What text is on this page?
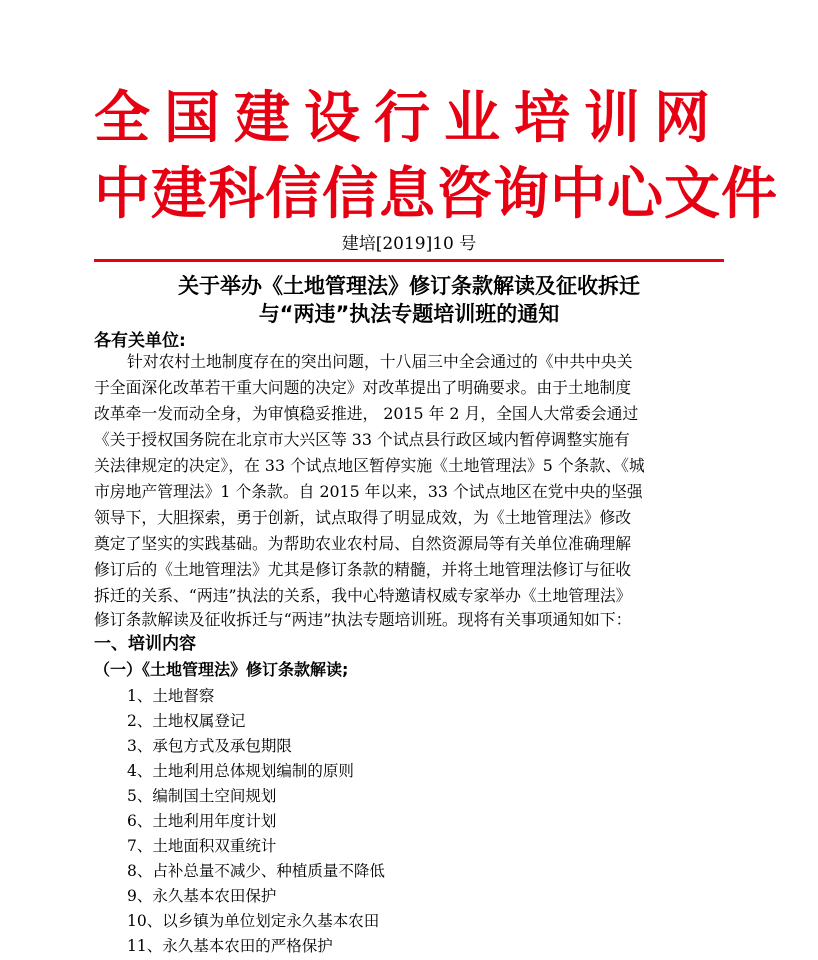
全国建设行业培训网
中建科信信息咨询中心文件
建培[2019]10 号
关于举办《土地管理法》修订条款解读及征收拆迁
与“两违”执法专题培训班的通知
各有关单位:
针对农村土地制度存在的突出问题，十八届三中全会通过的《中共中央关
于全面深化改革若干重大问题的决定》对改革提出了明确要求。由于土地制度
改革牵一发而动全身，为审慎稳妥推进， 2015 年 2 月，全国人大常委会通过
《关于授权国务院在北京市大兴区等 33 个试点县行政区域内暂停调整实施有
关法律规定的决定》，在 33 个试点地区暂停实施《土地管理法》5 个条款、《城
市房地产管理法》1 个条款。自 2015 年以来，33 个试点地区在党中央的坚强
领导下，大胆探索，勇于创新，试点取得了明显成效，为《土地管理法》修改
奠定了坚实的实践基础。为帮助农业农村局、自然资源局等有关单位准确理解
修订后的《土地管理法》尤其是修订条款的精髓，并将土地管理法修订与征收
拆迁的关系、“两违”执法的关系，我中心特邀请权威专家举办《土地管理法》
修订条款解读及征收拆迁与“两违”执法专题培训班。现将有关事项通知如下：
一、培训内容
（一）《土地管理法》修订条款解读;
1、土地督察
2、土地权属登记
3、承包方式及承包期限
4、土地利用总体规划编制的原则
5、编制国土空间规划
6、土地利用年度计划
7、土地面积双重统计
8、占补总量不减少、种植质量不降低
9、永久基本农田保护
10、以乡镇为单位划定永久基本农田
11、永久基本农田的严格保护
